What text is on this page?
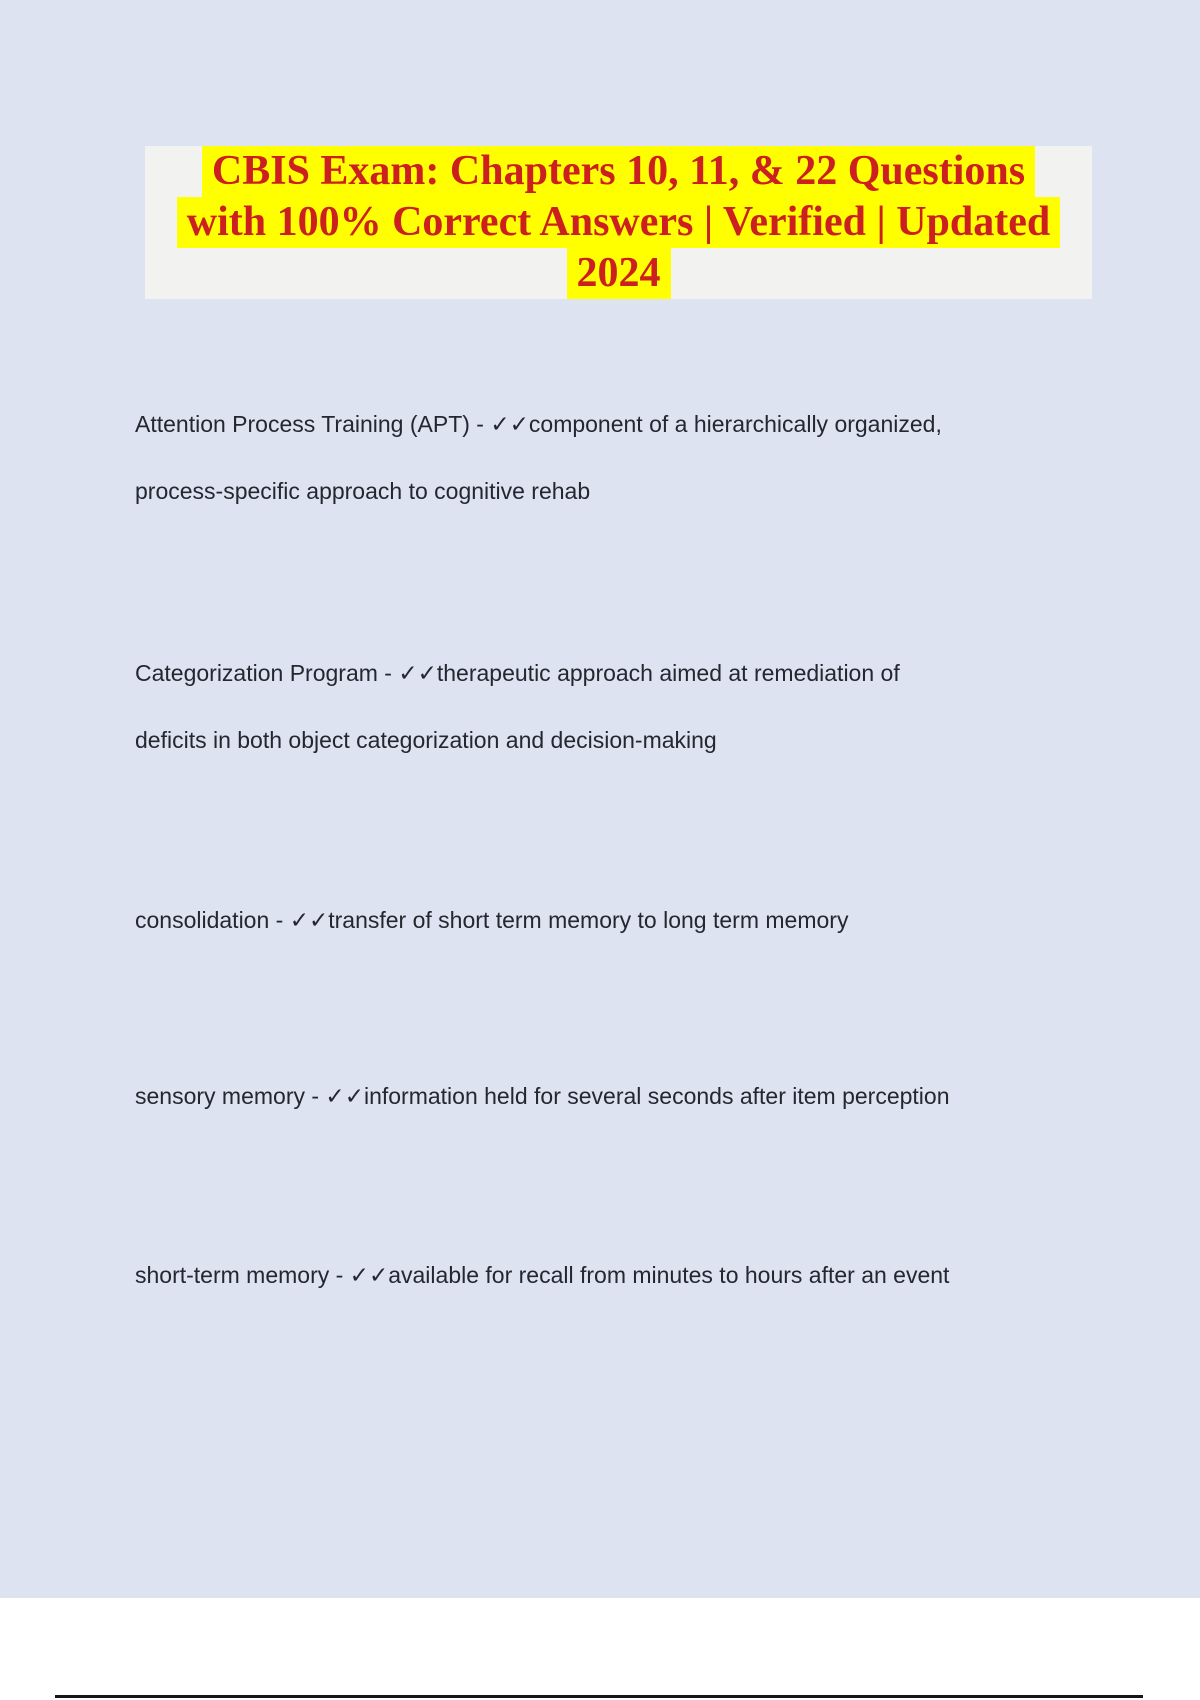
CBIS Exam: Chapters 10, 11, & 22 Questions
with 100% Correct Answers | Verified | Updated
2024
Attention Process Training (APT) - ✓✓component of a hierarchically organized,
process-specific approach to cognitive rehab
Categorization Program - ✓✓therapeutic approach aimed at remediation of
deficits in both object categorization and decision-making
consolidation - ✓✓transfer of short term memory to long term memory
sensory memory - ✓✓information held for several seconds after item perception
short-term memory - ✓✓available for recall from minutes to hours after an event
